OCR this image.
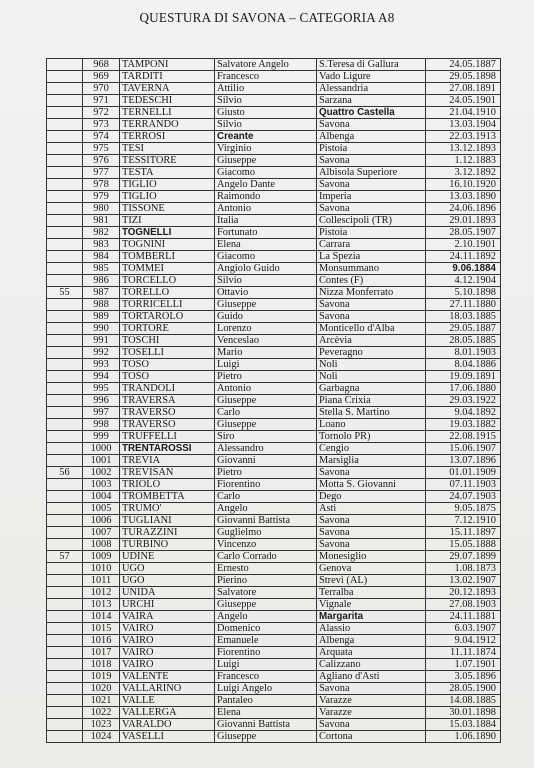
QUESTURA DI SAVONA – CATEGORIA A8
	968	TAMPONI	Salvatore Angelo	S.Teresa di Gallura	24.05.1887
	969	TARDITI	Francesco	Vado Ligure	29.05.1898
	970	TAVERNA	Attilio	Alessandria	27.08.1891
	971	TEDESCHI	Silvio	Sarzana	24.05.1901
	972	TERNELLI	Giusto	Quattro Castella	21.04.1910
	973	TERRANDO	Silvio	Savona	13.03.1904
	974	TERROSI	Creante	Albenga	22.03.1913
	975	TESI	Virginio	Pistoia	13.12.1893
	976	TESSITORE	Giuseppe	Savona	1.12.1883
	977	TESTA	Giacomo	Albisola Superiore	3.12.1892
	978	TIGLIO	Angelo Dante	Savona	16.10.1920
	979	TIGLIO	Raimondo	Imperia	13.03.1890
	980	TISSONE	Antonio	Savona	24.06.1896
	981	TIZI	Italia	Collescipoli (TR)	29.01.1893
	982	TOGNELLI	Fortunato	Pistoia	28.05.1907
	983	TOGNINI	Elena	Carrara	2.10.1901
	984	TOMBERLI	Giacomo	La Spezia	24.11.1892
	985	TOMMEI	Angiolo Guido	Monsummano	9.06.1884
	986	TORCELLO	Silvio	Contes (F)	4.12.1904
55	987	TORELLO	Ottavio	Nizza Monferrato	5.10.1898
	988	TORRICELLI	Giuseppe	Savona	27.11.1880
	989	TORTAROLO	Guido	Savona	18.03.1885
	990	TORTORE	Lorenzo	Monticello d'Alba	29.05.1887
	991	TOSCHI	Venceslao	Arcèvia	28.05.1885
	992	TOSELLI	Mario	Peveragno	8.01.1903
	993	TOSO	Luigi	Noli	8.04.1886
	994	TOSO	Pietro	Noli	19.09.1891
	995	TRANDOLI	Antonio	Garbagna	17.06.1880
	996	TRAVERSA	Giuseppe	Piana Crixia	29.03.1922
	997	TRAVERSO	Carlo	Stella S. Martino	9.04.1892
	998	TRAVERSO	Giuseppe	Loano	19.03.1882
	999	TRUFFELLI	Siro	Tornolo PR)	22.08.1915
	1000	TRENTAROSSI	Alessandro	Cengio	15.06.1907
	1001	TREVIA	Giovanni	Marsiglia	13.07.1896
56	1002	TREVISAN	Pietro	Savona	01.01.1909
	1003	TRIOLO	Fiorentino	Motta S. Giovanni	07.11.1903
	1004	TROMBETTA	Carlo	Dego	24.07.1903
	1005	TRUMO'	Angelo	Asti	9.05.1875
	1006	TUGLIANI	Giovanni Battista	Savona	7.12.1910
	1007	TURAZZINI	Guglielmo	Savona	15.11.1897
	1008	TURBINO	Vincenzo	Savona	15.05.1888
57	1009	UDINE	Carlo Corrado	Monesiglio	29.07.1899
	1010	UGO	Ernesto	Genova	1.08.1873
	1011	UGO	Pierino	Strevi (AL)	13.02.1907
	1012	UNIDA	Salvatore	Terralba	20.12.1893
	1013	URCHI	Giuseppe	Vignale	27.08.1903
	1014	VAIRA	Angelo	Margarita	24.11.1881
	1015	VAIRO	Domenico	Alassio	6.03.1907
	1016	VAIRO	Emanuele	Albenga	9.04.1912
	1017	VAIRO	Fiorentino	Arquata	11.11.1874
	1018	VAIRO	Luigi	Calizzano	1.07.1901
	1019	VALENTE	Francesco	Agliano d'Asti	3.05.1896
	1020	VALLARINO	Luigi Angelo	Savona	28.05.1900
	1021	VALLE	Pantaleo	Varazze	14.08.1885
	1022	VALLERGA	Elena	Varazze	30.01.1898
	1023	VARALDO	Giovanni Battista	Savona	15.03.1884
	1024	VASELLI	Giuseppe	Cortona	1.06.1890
